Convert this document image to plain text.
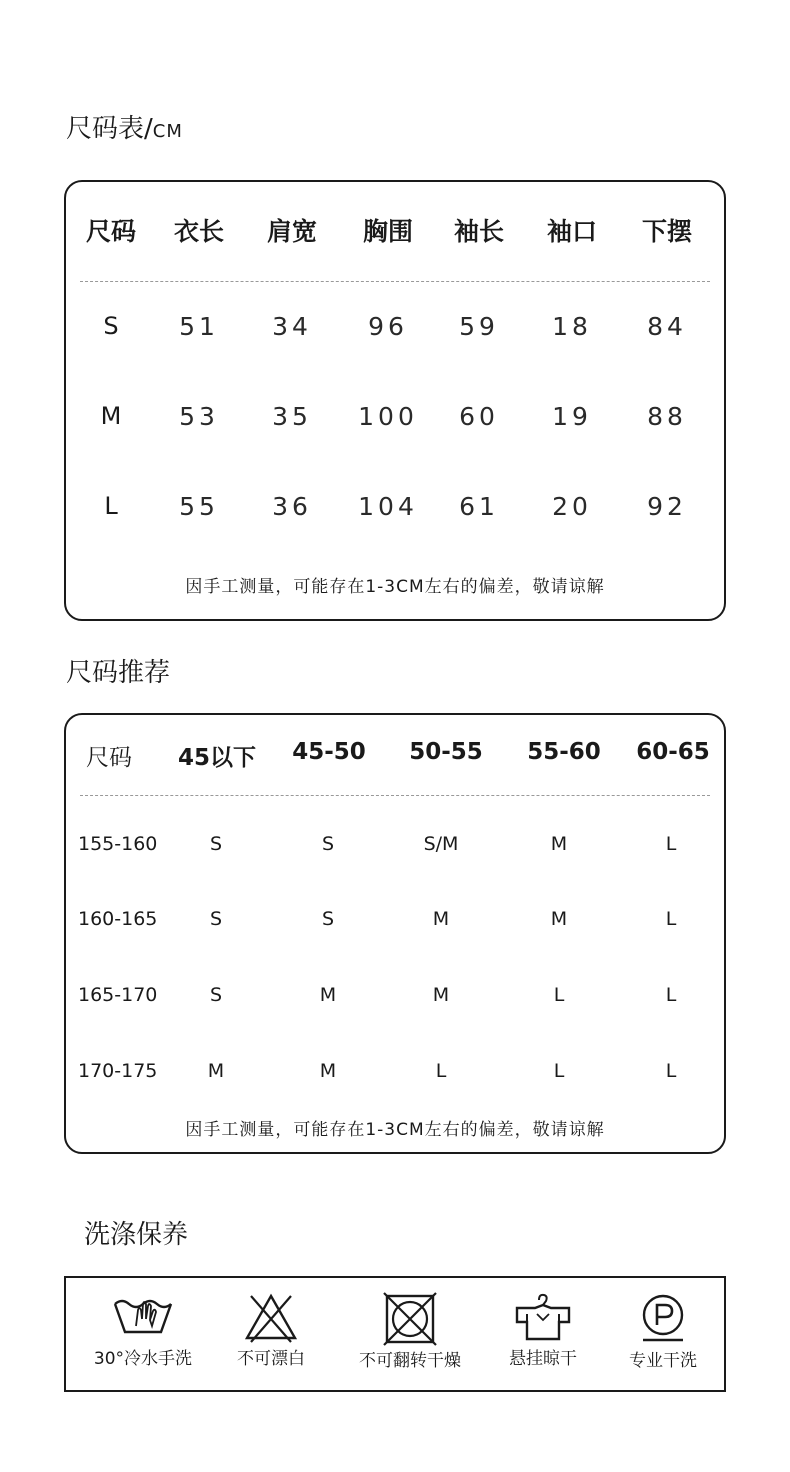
尺码表/CM
尺码	衣长	肩宽	胸围	袖长	袖口	下摆
S	51	34	96	59	18	84
M	53	35	100	60	19	88
L	55	36	104	61	20	92
因手工测量，可能存在1-3CM左右的偏差，敬请谅解
尺码推荐
尺码	45以下	45-50	50-55	55-60	60-65
155-160	S	S	S/M	M	L
160-165	S	S	M	M	L
165-170	S	M	M	L	L
170-175	M	M	L	L	L
因手工测量，可能存在1-3CM左右的偏差，敬请谅解
洗涤保养
30°冷水手洗	不可漂白	不可翻转干燥	悬挂晾干	专业干洗
